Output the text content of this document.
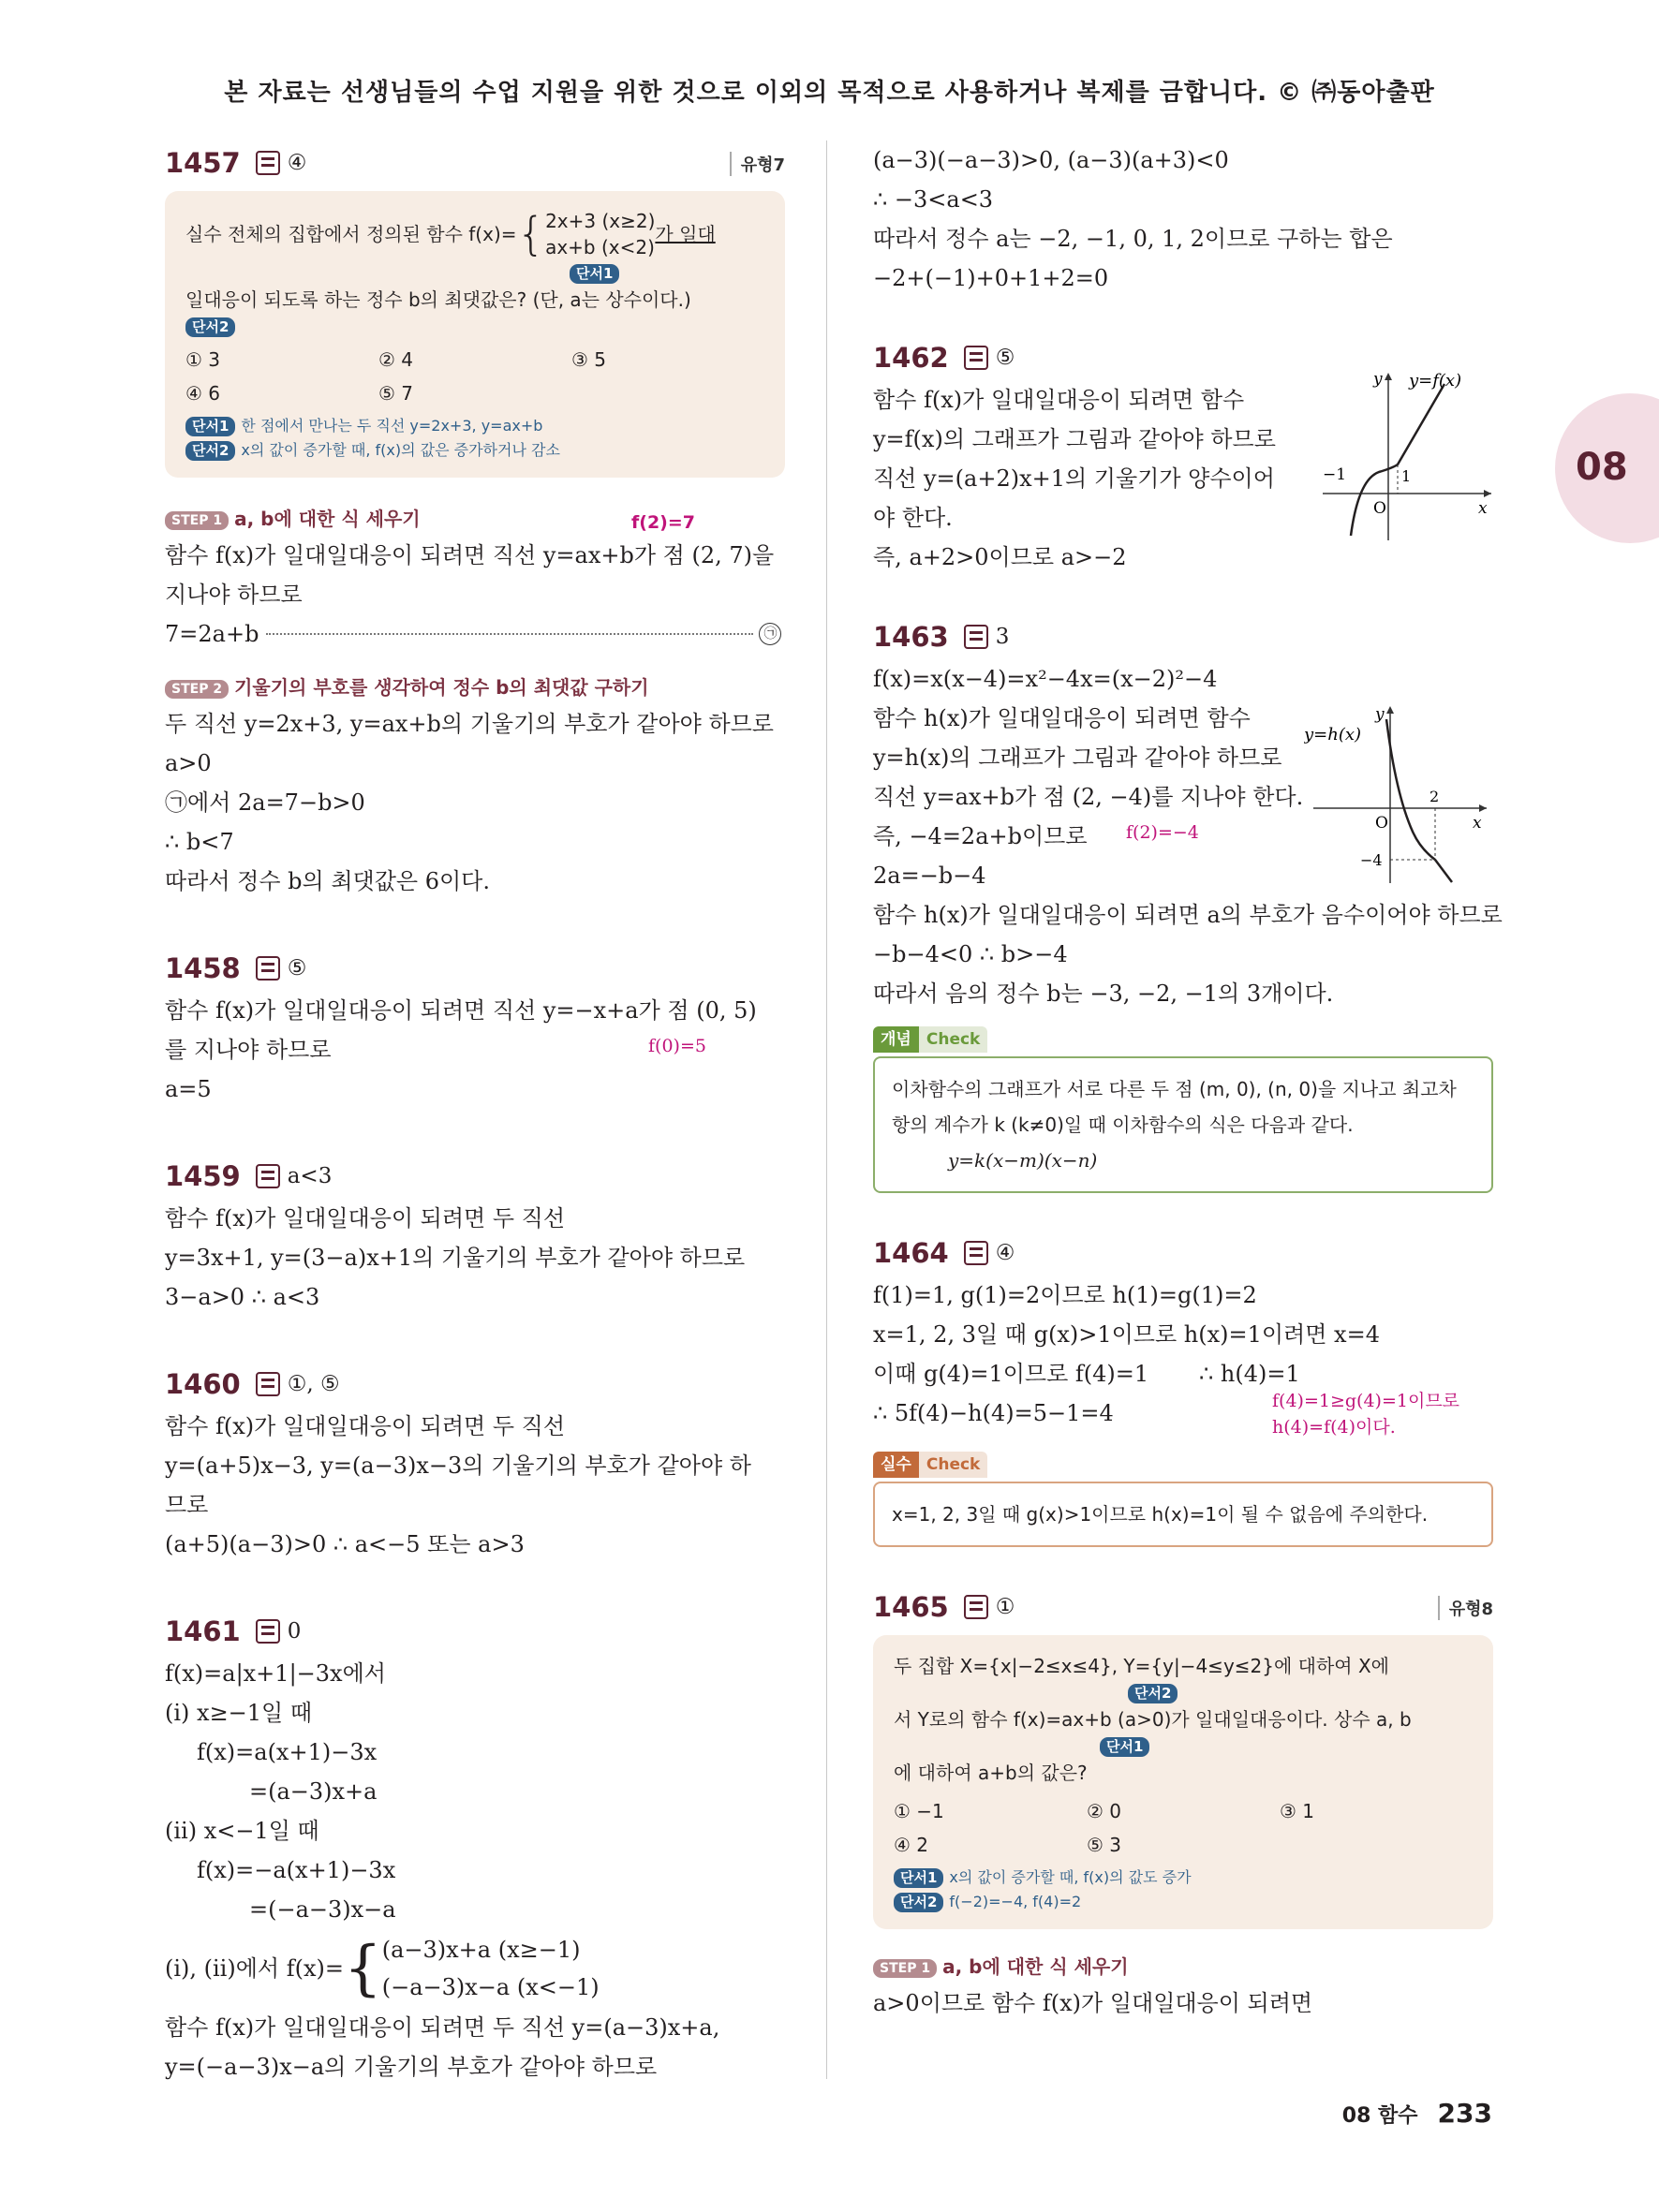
본 자료는 선생님들의 수업 지원을 위한 것으로 이외의 목적으로 사용하거나 복제를 금합니다. © ㈜동아출판
08
1457 ④	유형7
실수 전체의 집합에서 정의된 함수 f(x)= { 2x+3 (x≥2)
ax+b (x<2)
가 일대
단서1
일대응이 되도록 하는 정수 b의 최댓값은? (단, a는 상수이다.)
단서2
① 3	② 4	③ 5
④ 6	⑤ 7
단서1 한 점에서 만나는 두 직선 y=2x+3, y=ax+b
단서2 x의 값이 증가할 때, f(x)의 값은 증가하거나 감소
STEP 1 a, b에 대한 식 세우기	f(2)=7
함수 f(x)가 일대일대응이 되려면 직선 y=ax+b가 점 (2, 7)을
지나야 하므로
7=2a+b	㉠
STEP 2 기울기의 부호를 생각하여 정수 b의 최댓값 구하기
두 직선 y=2x+3, y=ax+b의 기울기의 부호가 같아야 하므로
a>0
㉠에서 2a=7−b>0
∴ b<7
따라서 정수 b의 최댓값은 6이다.
1458 ⑤
함수 f(x)가 일대일대응이 되려면 직선 y=−x+a가 점 (0, 5)
를 지나야 하므로	f(0)=5
a=5
1459 a<3
함수 f(x)가 일대일대응이 되려면 두 직선
y=3x+1, y=(3−a)x+1의 기울기의 부호가 같아야 하므로
3−a>0 ∴ a<3
1460 ①, ⑤
함수 f(x)가 일대일대응이 되려면 두 직선
y=(a+5)x−3, y=(a−3)x−3의 기울기의 부호가 같아야 하
므로
(a+5)(a−3)>0 ∴ a<−5 또는 a>3
1461 0
f(x)=a|x+1|−3x에서
(ⅰ) x≥−1일 때
f(x)=a(x+1)−3x
=(a−3)x+a
(ⅱ) x<−1일 때
f(x)=−a(x+1)−3x
=(−a−3)x−a
(ⅰ), (ⅱ)에서 f(x)= { (a−3)x+a (x≥−1)
(−a−3)x−a (x<−1)
함수 f(x)가 일대일대응이 되려면 두 직선 y=(a−3)x+a,
y=(−a−3)x−a의 기울기의 부호가 같아야 하므로
(a−3)(−a−3)>0, (a−3)(a+3)<0
∴ −3<a<3
따라서 정수 a는 −2, −1, 0, 1, 2이므로 구하는 합은
−2+(−1)+0+1+2=0
1462 ⑤
함수 f(x)가 일대일대응이 되려면 함수
y=f(x)의 그래프가 그림과 같아야 하므로
직선 y=(a+2)x+1의 기울기가 양수이어
야 한다.
즉, a+2>0이므로 a>−2
y y=f(x)
x
O
−1	1
1463 3
f(x)=x(x−4)=x²−4x=(x−2)²−4
함수 h(x)가 일대일대응이 되려면 함수
y=h(x)의 그래프가 그림과 같아야 하므로
직선 y=ax+b가 점 (2, −4)를 지나야 한다.
즉, −4=2a+b이므로 f(2)=−4
2a=−b−4
함수 h(x)가 일대일대응이 되려면 a의 부호가 음수이어야 하므로
−b−4<0 ∴ b>−4
따라서 음의 정수 b는 −3, −2, −1의 3개이다.
y
y=h(x)
x
O
2
−4
개념 Check
이차함수의 그래프가 서로 다른 두 점 (m, 0), (n, 0)을 지나고 최고차
항의 계수가 k (k≠0)일 때 이차함수의 식은 다음과 같다.
y=k(x−m)(x−n)
1464 ④
f(1)=1, g(1)=2이므로 h(1)=g(1)=2
x=1, 2, 3일 때 g(x)>1이므로 h(x)=1이려면 x=4
이때 g(4)=1이므로 f(4)=1 ∴ h(4)=1
∴ 5f(4)−h(4)=5−1=4	f(4)=1≥g(4)=1이므로
h(4)=f(4)이다.
실수 Check
x=1, 2, 3일 때 g(x)>1이므로 h(x)=1이 될 수 없음에 주의한다.
1465 ①	유형8
두 집합 X={x|−2≤x≤4}, Y={y|−4≤y≤2}에 대하여 X에
단서2
서 Y로의 함수 f(x)=ax+b (a>0)가 일대일대응이다. 상수 a, b
단서1
에 대하여 a+b의 값은?
① −1	② 0	③ 1
④ 2	⑤ 3
단서1 x의 값이 증가할 때, f(x)의 값도 증가
단서2 f(−2)=−4, f(4)=2
STEP 1 a, b에 대한 식 세우기
a>0이므로 함수 f(x)가 일대일대응이 되려면
08 함수 233
